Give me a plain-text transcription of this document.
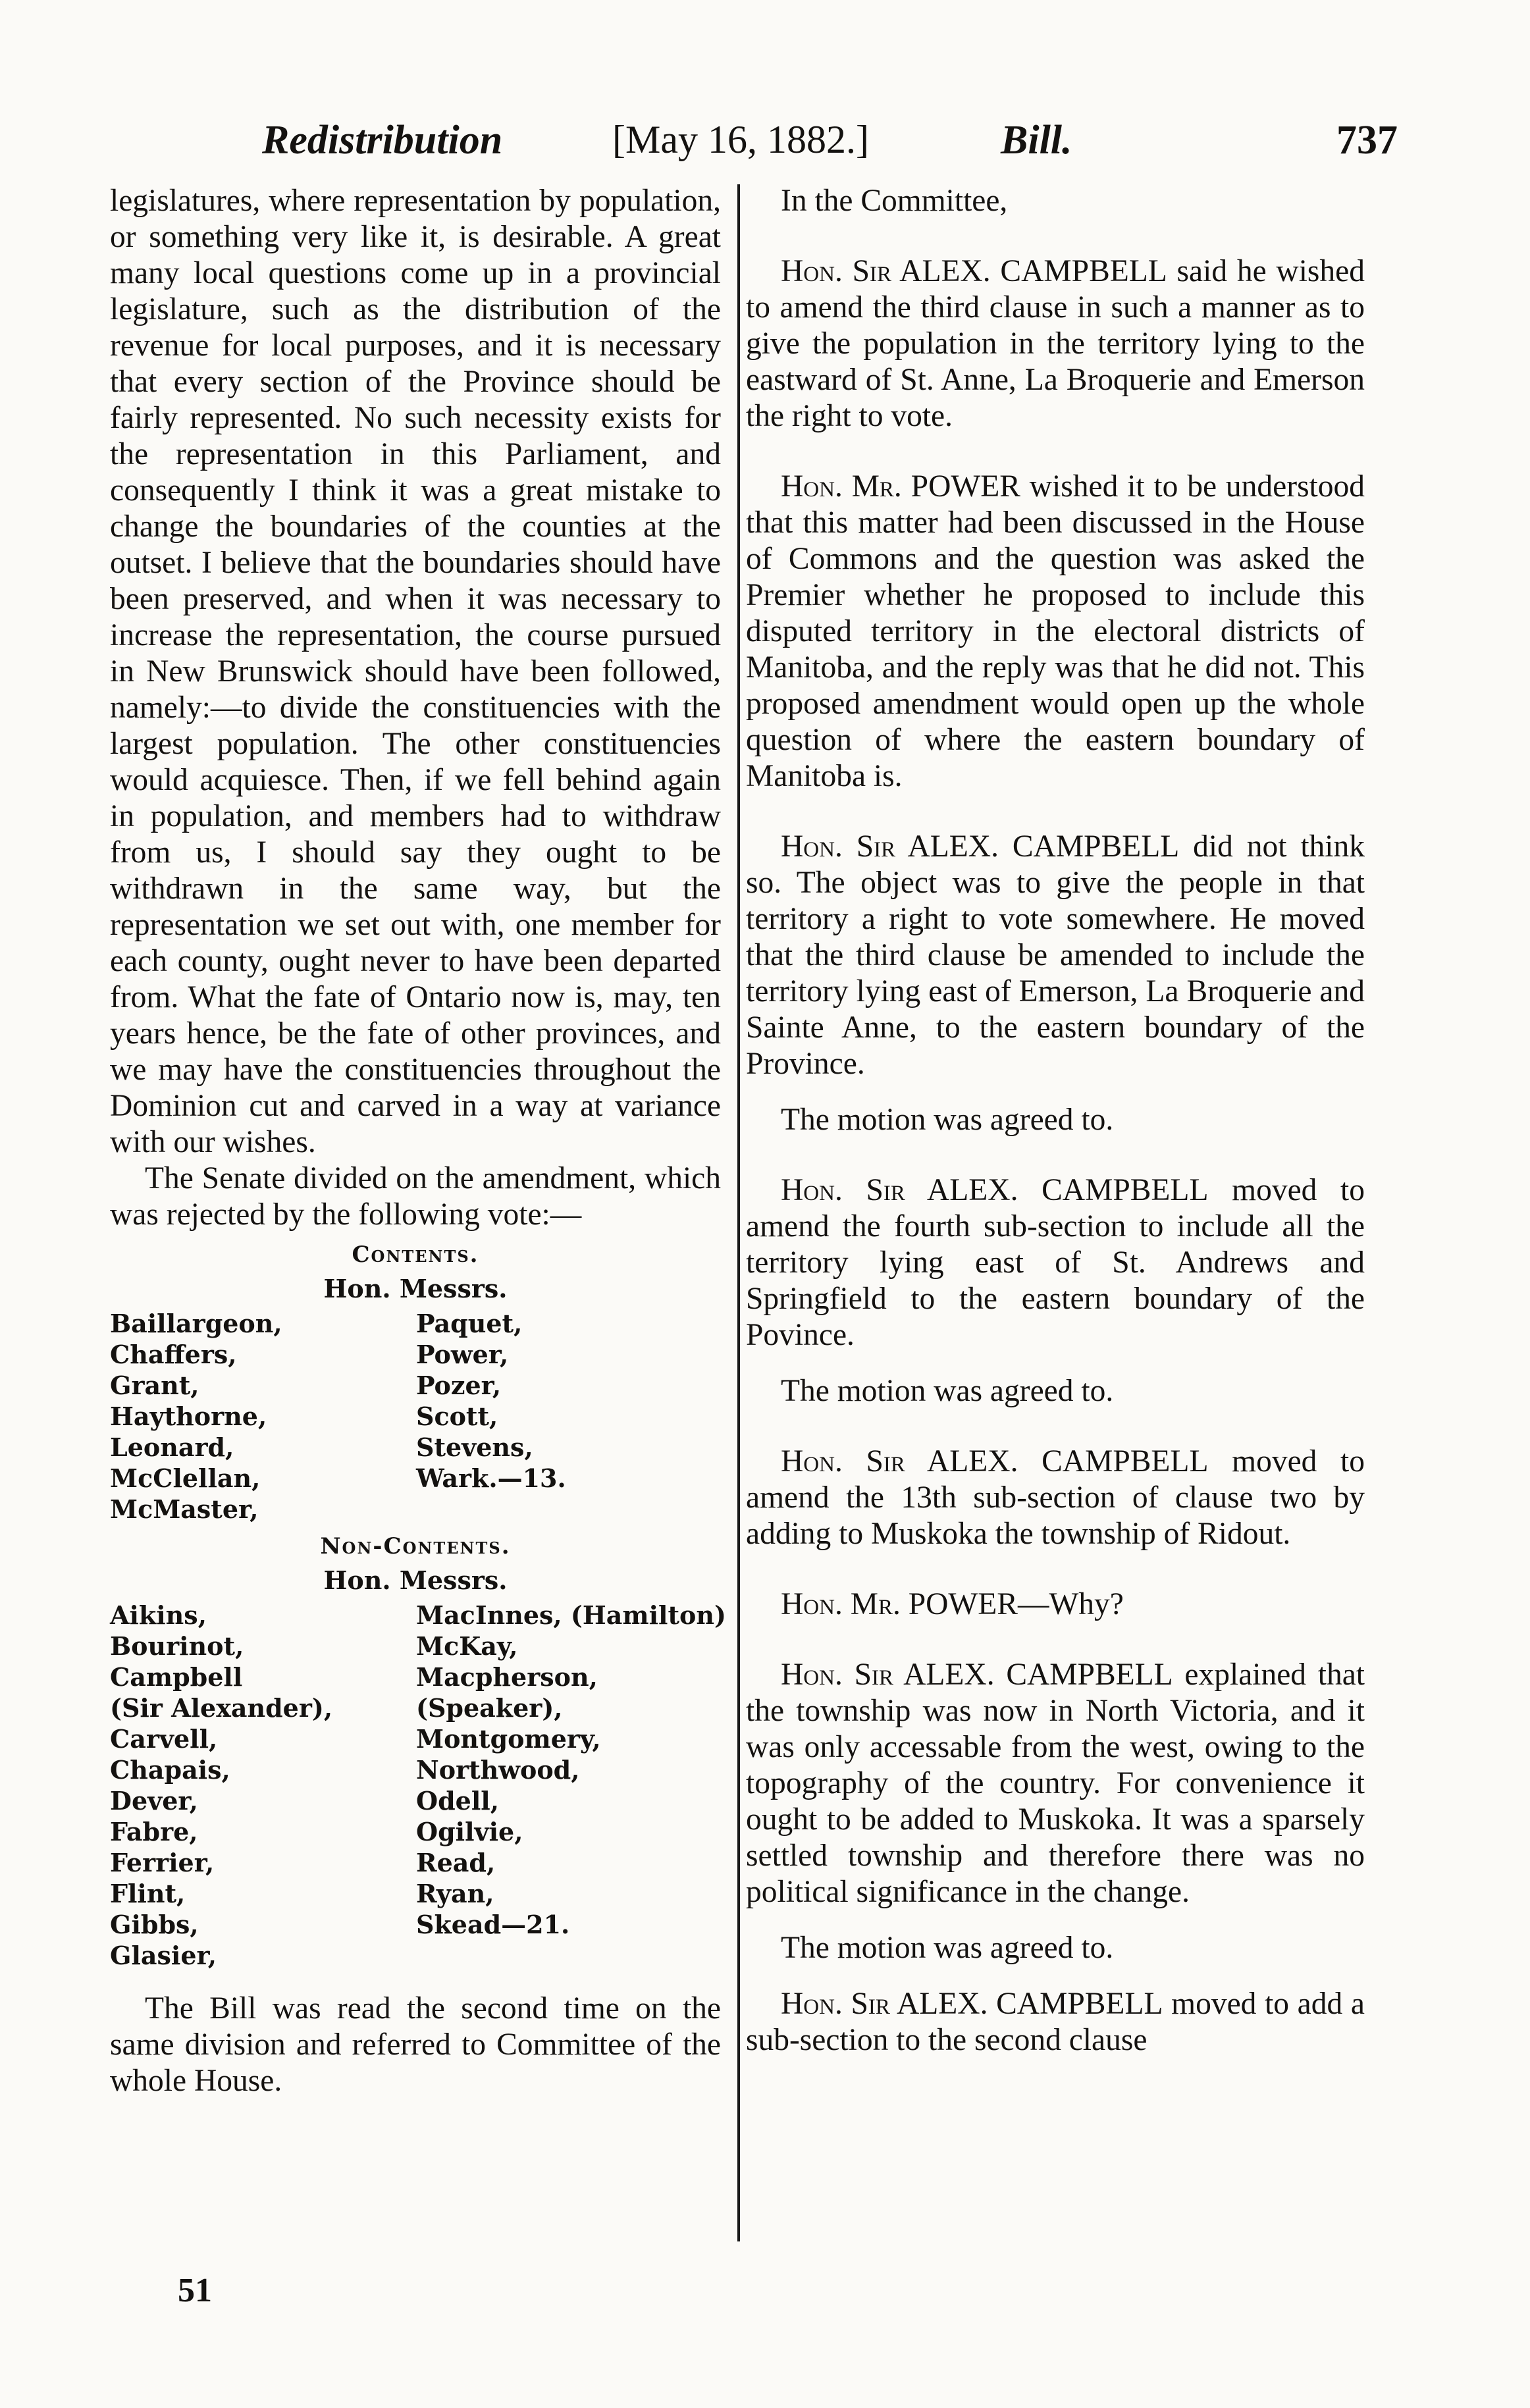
Redistribution	[May 16, 1882.]	Bill.	737

legislatures, where representation by population, or something very like it, is desirable. A great many local questions come up in a provincial legislature, such as the distribution of the revenue for local purposes, and it is necessary that every section of the Province should be fairly represented. No such necessity exists for the representation in this Parliament, and consequently I think it was a great mistake to change the boundaries of the counties at the outset. I believe that the boundaries should have been preserved, and when it was necessary to increase the representation, the course pursued in New Brunswick should have been followed, namely:—to divide the constituencies with the largest population. The other constituencies would acquiesce. Then, if we fell behind again in population, and members had to withdraw from us, I should say they ought to be withdrawn in the same way, but the representation we set out with, one member for each county, ought never to have been departed from. What the fate of Ontario now is, may, ten years hence, be the fate of other provinces, and we may have the constituencies throughout the Dominion cut and carved in a way at variance with our wishes.

The Senate divided on the amendment, which was rejected by the following vote:—

Contents.
Hon. Messrs.
Baillargeon,	Paquet,
Chaffers,	Power,
Grant,	Pozer,
Haythorne,	Scott,
Leonard,	Stevens,
McClellan,	Wark.—13.
McMaster,
Non-Contents.
Hon. Messrs.
Aikins,	MacInnes, (Hamilton)
Bourinot,	McKay,
Campbell	Macpherson,
(Sir Alexander),	(Speaker),
Carvell,	Montgomery,
Chapais,	Northwood,
Dever,	Odell,
Fabre,	Ogilvie,
Ferrier,	Read,
Flint,	Ryan,
Gibbs,	Skead—21.
Glasier,

The Bill was read the second time on the same division and referred to Committee of the whole House.

In the Committee,

Hon. Sir ALEX. CAMPBELL said he wished to amend the third clause in such a manner as to give the population in the territory lying to the eastward of St. Anne, La Broquerie and Emerson the right to vote.

Hon. Mr. POWER wished it to be understood that this matter had been discussed in the House of Commons and the question was asked the Premier whether he proposed to include this disputed territory in the electoral districts of Manitoba, and the reply was that he did not. This proposed amendment would open up the whole question of where the eastern boundary of Manitoba is.

Hon. Sir ALEX. CAMPBELL did not think so. The object was to give the people in that territory a right to vote somewhere. He moved that the third clause be amended to include the territory lying east of Emerson, La Broquerie and Sainte Anne, to the eastern boundary of the Province.

The motion was agreed to.

Hon. Sir ALEX. CAMPBELL moved to amend the fourth sub-section to include all the territory lying east of St. Andrews and Springfield to the eastern boundary of the Povince.

The motion was agreed to.

Hon. Sir ALEX. CAMPBELL moved to amend the 13th sub-section of clause two by adding to Muskoka the township of Ridout.

Hon. Mr. POWER—Why?

Hon. Sir ALEX. CAMPBELL explained that the township was now in North Victoria, and it was only accessable from the west, owing to the topography of the country. For convenience it ought to be added to Muskoka. It was a sparsely settled township and therefore there was no political significance in the change.

The motion was agreed to.

Hon. Sir ALEX. CAMPBELL moved to add a sub-section to the second clause

51
